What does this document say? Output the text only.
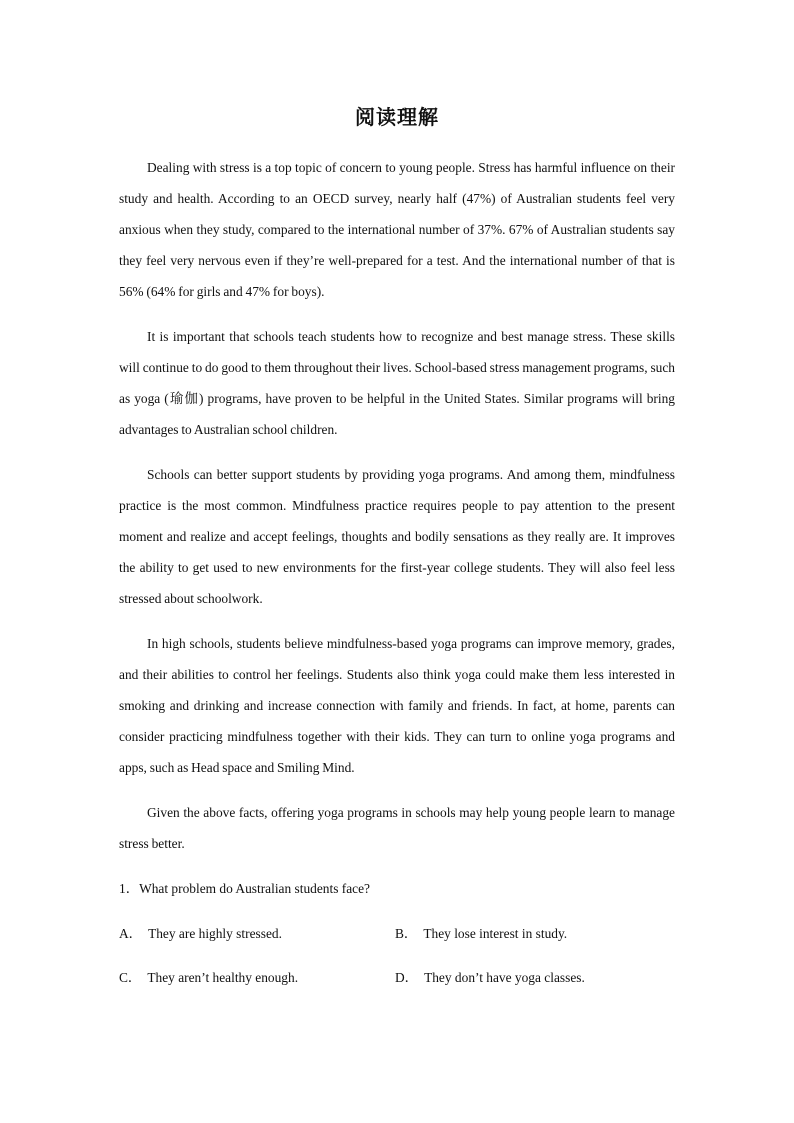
阅读理解

Dealing with stress is a top topic of concern to young people. Stress has harmful influence on their study and health. According to an OECD survey, nearly half (47%) of Australian students feel very anxious when they study, compared to the international number of 37%. 67% of Australian students say they feel very nervous even if they’re well-prepared for a test. And the international number of that is 56% (64% for girls and 47% for boys).

It is important that schools teach students how to recognize and best manage stress. These skills will continue to do good to them throughout their lives. School-based stress management programs, such as yoga (瑜伽) programs, have proven to be helpful in the United States. Similar programs will bring advantages to Australian school children.

Schools can better support students by providing yoga programs. And among them, mindfulness practice is the most common. Mindfulness practice requires people to pay attention to the present moment and realize and accept feelings, thoughts and bodily sensations as they really are. It improves the ability to get used to new environments for the first-year college students. They will also feel less stressed about schoolwork.

In high schools, students believe mindfulness-based yoga programs can improve memory, grades, and their abilities to control her feelings. Students also think yoga could make them less interested in smoking and drinking and increase connection with family and friends. In fact, at home, parents can consider practicing mindfulness together with their kids. They can turn to online yoga programs and apps, such as Head space and Smiling Mind.

Given the above facts, offering yoga programs in schools may help young people learn to manage stress better.

1．What problem do Australian students face?
A． They are highly stressed.	B． They lose interest in study.
C． They aren’t healthy enough.	D． They don’t have yoga classes.
